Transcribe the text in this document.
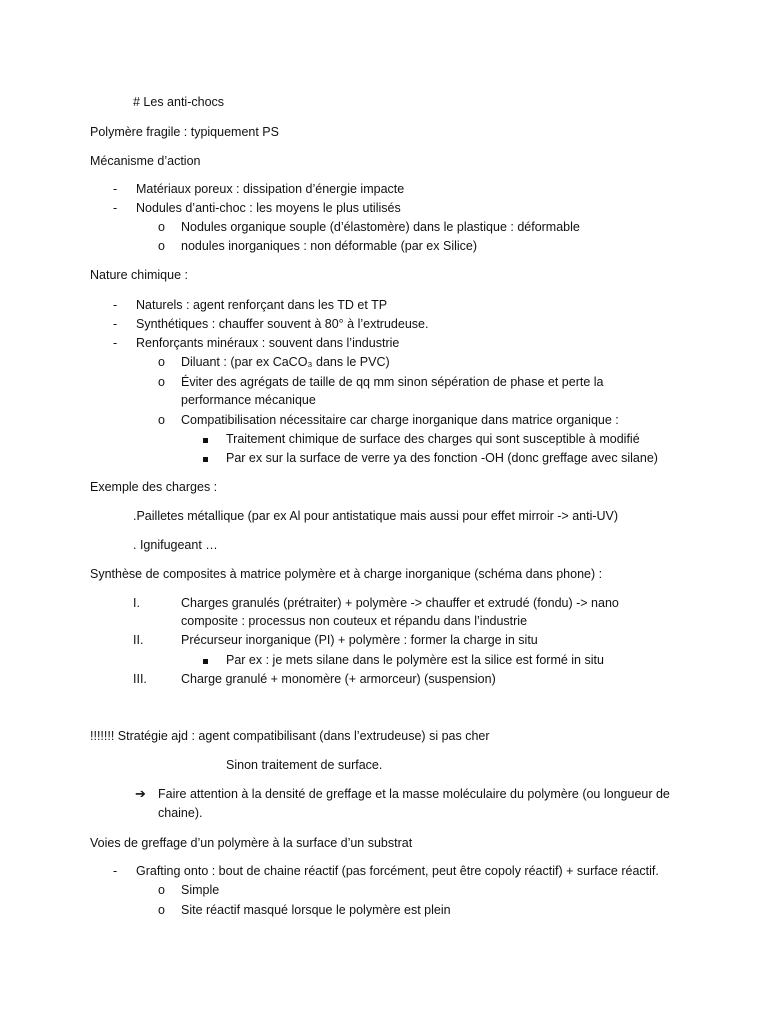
# Les anti-chocs
Polymère fragile : typiquement PS
Mécanisme d’action
- Matériaux poreux : dissipation d’énergie impacte
- Nodules d’anti-choc : les moyens le plus utilisés
o Nodules organique souple (d’élastomère) dans le plastique : déformable
o nodules inorganiques : non déformable (par ex Silice)
Nature chimique :
- Naturels : agent renforçant dans les TD et TP
- Synthétiques : chauffer souvent à 80° à l’extrudeuse.
- Renforçants minéraux : souvent dans l’industrie
o Diluant : (par ex CaCO₃ dans le PVC)
o Éviter des agrégats de taille de qq mm sinon sépération de phase et perte la
performance mécanique
o Compatibilisation nécessitaire car charge inorganique dans matrice organique :
Traitement chimique de surface des charges qui sont susceptible à modifié
Par ex sur la surface de verre ya des fonction -OH (donc greffage avec silane)
Exemple des charges :
.Pailletes métallique (par ex Al pour antistatique mais aussi pour effet mirroir -> anti-UV)
. Ignifugeant …
Synthèse de composites à matrice polymère et à charge inorganique (schéma dans phone) :
I.	Charges granulés (prétraiter) + polymère -> chauffer et extrudé (fondu) -> nano
composite : processus non couteux et répandu dans l’industrie
II.	Précurseur inorganique (PI) + polymère : former la charge in situ
Par ex : je mets silane dans le polymère est la silice est formé in situ
III.	Charge granulé + monomère (+ armorceur) (suspension)
!!!!!!! Stratégie ajd : agent compatibilisant (dans l’extrudeuse) si pas cher
Sinon traitement de surface.
➔ Faire attention à la densité de greffage et la masse moléculaire du polymère (ou longueur de
chaine).
Voies de greffage d’un polymère à la surface d’un substrat
- Grafting onto : bout de chaine réactif (pas forcément, peut être copoly réactif) + surface réactif.
o Simple
o Site réactif masqué lorsque le polymère est plein
